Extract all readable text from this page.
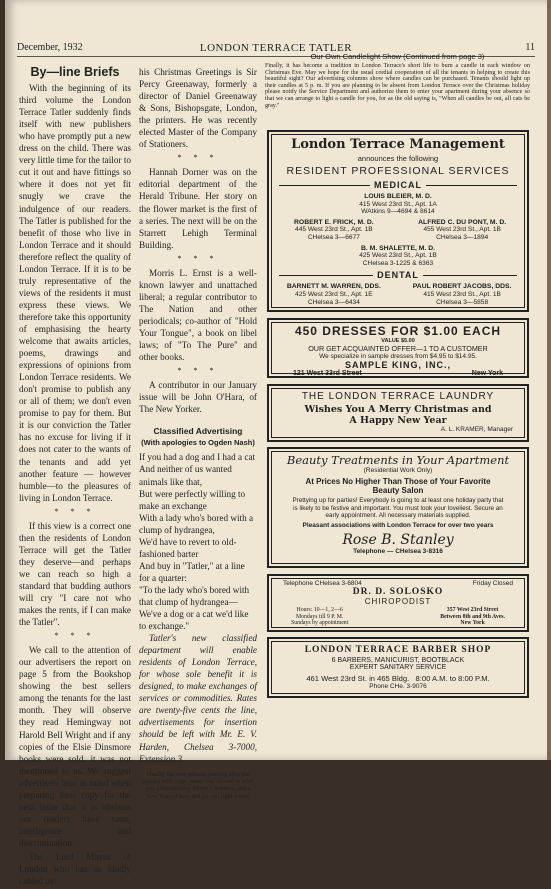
December, 1932	LONDON TERRACE TATLER	11
By—line Briefs

With the beginning of its third volume the London Terrace Tatler suddenly finds itself with new publishers who have promptly put a new dress on the child. There was very little time for the tailor to cut it out and have fittings so where it does not yet fit snugly we crave the indulgence of our readers. The Tatler is published for the benefit of those who live in London Terrace and it should therefore reflect the quality of London Terrace. If it is to be truly representative of the views of the residents it must express these views. We therefore take this opportunity of emphasising the hearty welcome that awaits articles, poems, drawings and expressions of opinions from London Terrace residents. We don't promise to publish any or all of them; we don't even promise to pay for them. But it is our conviction the Tatler has no excuse for living if it does not cater to the wants of the tenants and add yet another feature — however humble—to the pleasures of living in London Terrace.

* * *

If this view is a correct one then the residents of London Terrace will get the Tatler they deserve—and perhaps we can reach so high a standard that budding authors will cry "I care not who makes the rents, if I can make the Tatler".

* * *

We call to the attention of our advertisers the report on page 5 from the Bookshop showing the best sellers among the tenants for the last month. They will observe they read Hemingway not Harold Bell Wright and if any copies of the Elsie Dinsmore books were sold, it was not mentioned to us. We suggest advertisers bear in mind when preparing their copy for the next issue that it is obvious our readers have taste, intelligence and discrimination.

The Lord Mayor of London who has so kindly cabled us

his Christmas Greetings is Sir Percy Greenaway, formerly a director of Daniel Greenaway & Sons, Bishopsgate, London, the printers. He was recently elected Master of the Company of Stationers.

* * *

Hannah Dorner was on the editorial department of the Herald Tribune. Her story on the flower market is the first of a series. The next will be on the Starrett Lehigh Terminal Building.

* * *

Morris L. Ernst is a well-known lawyer and unattached liberal; a regular contributor to The Nation and other periodicals; co-author of "Hold Your Tongue", a book on libel laws; of "To The Pure" and other books.

* * *

A contributor in our January issue will be John O'Hara, of The New Yorker.

Classified Advertising
(With apologies to Ogden Nash)

If you had a dog and I had a cat

And neither of us wanted animals like that,

But were perfectly willing to make an exchange

With a lady who's bored with a clump of hydrangea,

We'd have to revert to old-fashioned barter

And buy in "Tatler," at a line for a quarter:

"To the lady who's bored with that clump of hydrangea—

We've a dog or a cat we'd like to exchange."

Tatler's new classified department will enable residents of London Terrace, for whose sole benefit it is designed, to make exchanges of services or commodities. Rates are twenty-five cents the line, advertisements for insertion should be left with Mr. E. V. Harden, Chelsea 3-7000, Extension 3.

Finally, the new editors, panting after the presses with copy, pause one second to wish you a breathlessly Merry Christmas and a New Year of beer and (so too light wines.
Our Own Candlelight Show (Continued from page 3)
Finally, it has become a tradition in London Terrace's short life to burn a candle in each window on Christmas Eve. May we hope for the usual cordial cooperation of all the tenants in helping to create this beautiful sight? Our advertising columns show where candles can be purchased. Tenants should light up their candles at 5 p. m. If you are planning to be absent from London Terrace over the Christmas holiday please notify the Service Department and authorize them to enter your apartment during your absence so that we can arrange to light a candle for you, for as the old saying is, "When all candles be out, all cats be gray."
London Terrace Management
announces the following
RESIDENT PROFESSIONAL SERVICES
MEDICAL
LOUIS BLEIER, M. D.
415 West 23rd St., Apt. 1A
WAtkins 9—4694 & 8614
ROBERT E. FRICK, M. D.
445 West 23rd St., Apt. 1B
CHelsea 3—6677

ALFRED C. DU PONT, M. D.
455 West 23rd St., Apt. 1B
CHelsea 3—1894
B. M. SHALETTE, M. D.
425 West 23rd St., Apt. 1B
CHelsea 3-1225 & 6363
DENTAL
BARNETT M. WARREN, DDS.
425 West 23rd St., Apt. 1E
CHelsea 3—6434

PAUL ROBERT JACOBS, DDS.
415 West 23rd St., Apt. 1B
CHelsea 3—5858
450 DRESSES FOR $1.00 EACH
VALUE $5.00
OUR GET ACQUAINTED OFFER—1 TO A CUSTOMER
We specialize in sample dresses from $4.95 to $14.95.
SAMPLE KING, INC.,
121 West 33rd Street	New York
THE LONDON TERRACE LAUNDRY
Wishes You A Merry Christmas and
A Happy New Year
A. L. KRAMER, Manager
Beauty Treatments in Your Apartment
(Residential Work Only)
At Prices No Higher Than Those of Your Favorite
Beauty Salon
Prettying up for parties! Everybody is going to at least one holiday party that is likely to be festive and important. You must look your loveliest. Secure an early appointment. All necessary materials supplied.
Pleasant associations with London Terrace for over two years
Rose B. Stanley
Telephone — CHelsea 3-8316
Telephone CHelsea 3-6804	Friday Closed
DR. D. SOLOSKO
CHIROPODIST
Hours: 10—1, 2—6
Mondays till 9 P. M.
Sundays by appointment
357 West 23rd Street
Between 8th and 9th Aves.
New York
LONDON TERRACE BARBER SHOP
6 BARBERS, MANICURIST, BOOTBLACK
EXPERT SANITARY SERVICE
461 West 23rd St. in 465 Bldg.   8:00 A.M. to 8:00 P.M.
Phone CHe. 3-9076
